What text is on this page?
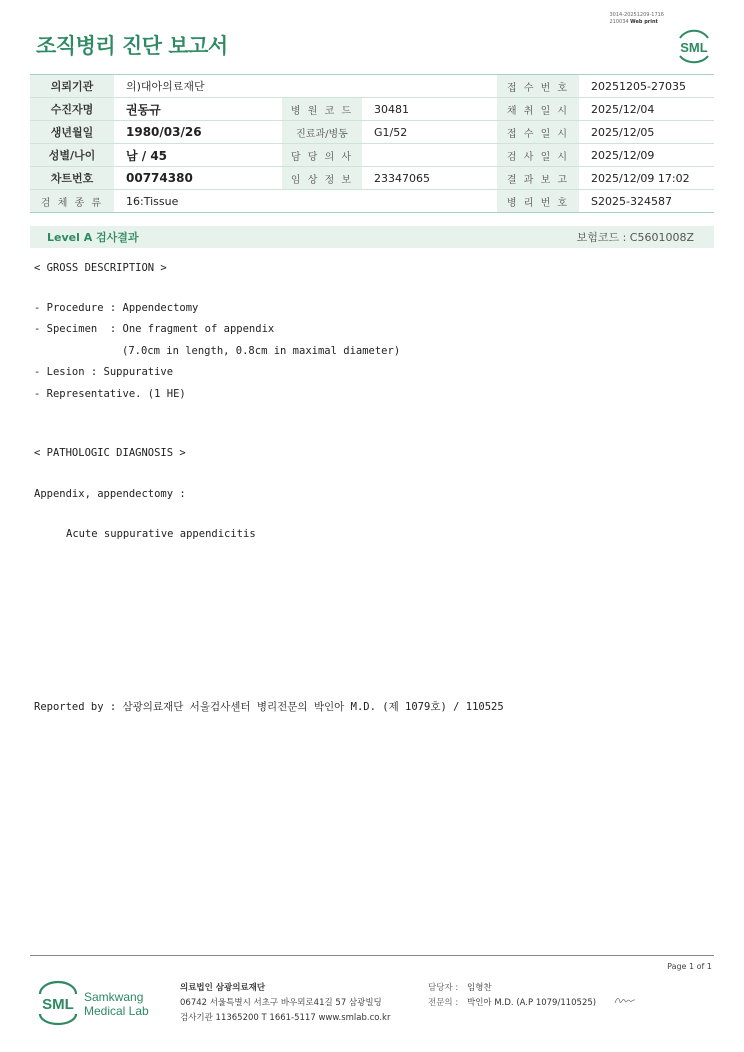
조직병리 진단 보고서
3014-20251209-1716
210034 Web print
SML
의뢰기관	의)대아의료재단			접 수 번 호	20251205-27035
수진자명	권동규	병 원 코 드	30481	채 취 일 시	2025/12/04
생년월일	1980/03/26	진료과/병동	G1/52	접 수 일 시	2025/12/05
성별/나이	남 / 45	담 당 의 사		검 사 일 시	2025/12/09
차트번호	00774380	임 상 정 보	23347065	결 과 보 고	2025/12/09 17:02
검 체 종 류	16:Tissue			병 리 번 호	S2025-324587
Level A 검사결과	보험코드 : C5601008Z
< GROSS DESCRIPTION >
- Procedure : Appendectomy
- Specimen  : One fragment of appendix
(7.0cm in length, 0.8cm in maximal diameter)
- Lesion : Suppurative
- Representative. (1 HE)
< PATHOLOGIC DIAGNOSIS >
Appendix, appendectomy :
Acute suppurative appendicitis
Reported by : 삼광의료재단 서울검사센터 병리전문의 박인아 M.D. (제 1079호) / 110525
Page 1 of 1
SML Samkwang
Medical Lab
의료법인 삼광의료재단
06742 서울특별시 서초구 바우뫼로41길 57 삼광빌딩
검사기관 11365200 T 1661-5117 www.smlab.co.kr
담당자 : 임형찬
전문의 : 박인아 M.D. (A.P 1079/110525)
